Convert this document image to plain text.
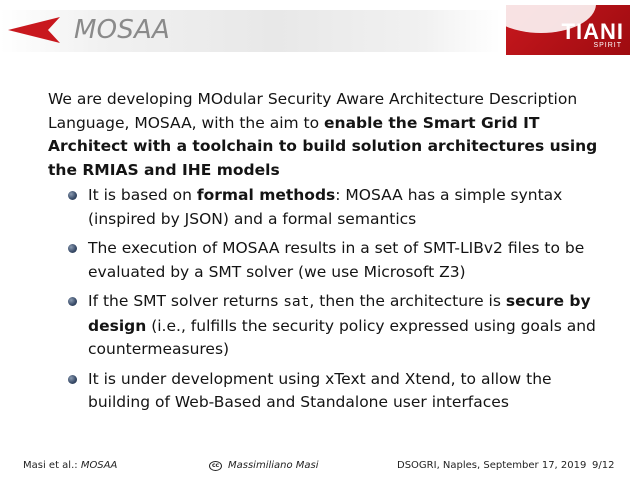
MOSAA	TIANI
SPIRIT

We are developing MOdular Security Aware Architecture Description Language, MOSAA, with the aim to enable the Smart Grid IT Architect with a toolchain to build solution architectures using the RMIAS and IHE models

It is based on formal methods: MOSAA has a simple syntax (inspired by JSON) and a formal semantics
The execution of MOSAA results in a set of SMT-LIBv2 files to be evaluated by a SMT solver (we use Microsoft Z3)
If the SMT solver returns sat, then the architecture is secure by design (i.e., fulfills the security policy expressed using goals and countermeasures)
It is under development using xText and Xtend, to allow the building of Web-Based and Standalone user interfaces
Masi et al.: MOSAA	cc Massimiliano Masi	DSOGRI, Naples, September 17, 2019 9/12
